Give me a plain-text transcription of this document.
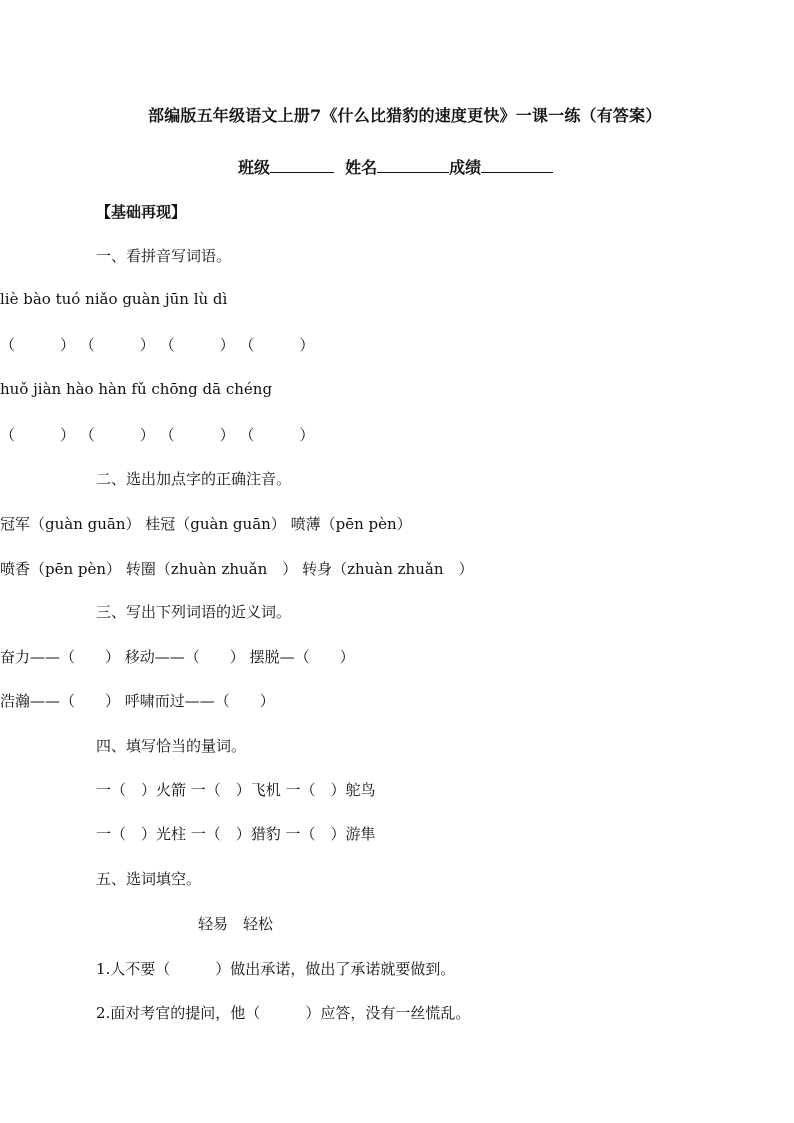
部编版五年级语文上册7《什么比猎豹的速度更快》一课一练（有答案）
班级	姓名	成绩
【基础再现】
一、看拼音写词语。
liè bào tuó niǎo guàn jūn lù dì
（　　　） （　　　） （　　　） （　　　）
huǒ jiàn hào hàn fǔ chōng dā chéng
（　　　） （　　　） （　　　） （　　　）
二、选出加点字的正确注音。
冠军（guàn guān） 桂冠（guàn guān） 喷薄（pēn pèn）
喷香（pēn pèn） 转圈（zhuàn zhuǎn　） 转身（zhuàn zhuǎn　）
三、写出下列词语的近义词。
奋力——（　　） 移动——（　　） 摆脱—（　　）
浩瀚——（　　） 呼啸而过——（　　）
四、填写恰当的量词。
一（　）火箭 一（　）飞机 一（　）鸵鸟
一（　）光柱 一（　）猎豹 一（　）游隼
五、选词填空。
轻易　轻松
1.人不要（　　　）做出承诺，做出了承诺就要做到。
2.面对考官的提问，他（　　　）应答，没有一丝慌乱。
